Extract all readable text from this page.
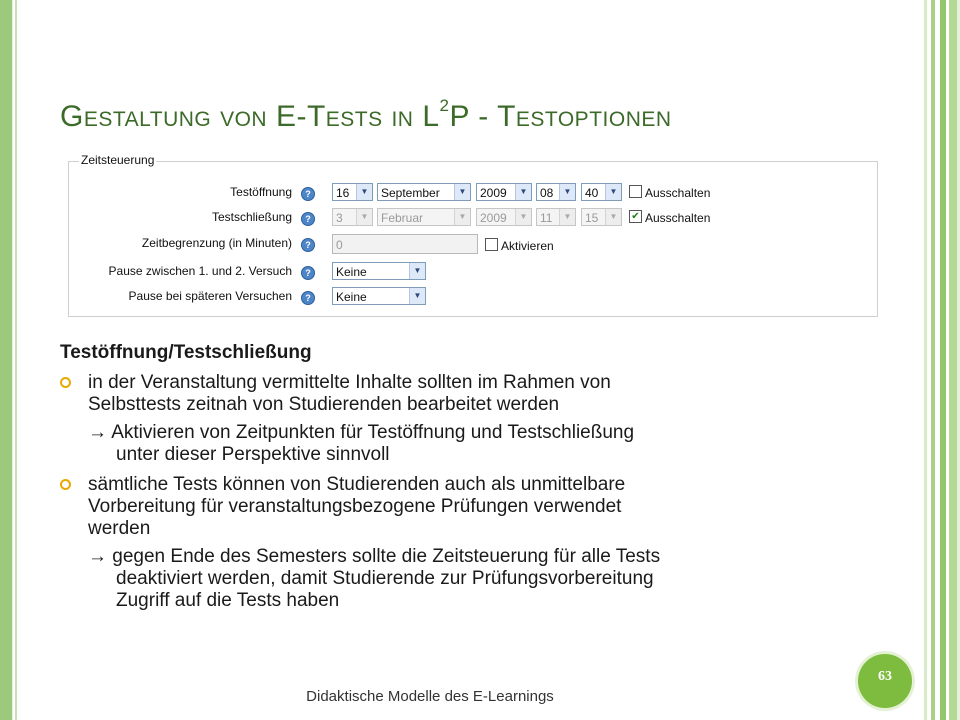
Gestaltung von E-Tests in $L^2P$ - Testoptionen
Zeitsteuerung
Testöffnung	?	16	▼	September	▼	2009	▼	08	▼	40	▼ Ausschalten
Testschließung	?	3	▼	Februar	▼	2009	▼	11	▼	15	▼	✔ Ausschalten
Zeitbegrenzung (in Minuten)	?	0	Aktivieren
Pause zwischen 1. und 2. Versuch	?	Keine	▼
Pause bei späteren Versuchen	?	Keine	▼

Testöffnung/Testschließung

in der Veranstaltung vermittelte Inhalte sollten im Rahmen von
Selbsttests zeitnah von Studierenden bearbeitet werden

→ Aktivieren von Zeitpunkten für Testöffnung und Testschließung

unter dieser Perspektive sinnvoll

sämtliche Tests können von Studierenden auch als unmittelbare
Vorbereitung für veranstaltungsbezogene Prüfungen verwendet
werden

→ gegen Ende des Semesters sollte die Zeitsteuerung für alle Tests

deaktiviert werden, damit Studierende zur Prüfungsvorbereitung

Zugriff auf die Tests haben

Didaktische Modelle des E-Learnings
63
